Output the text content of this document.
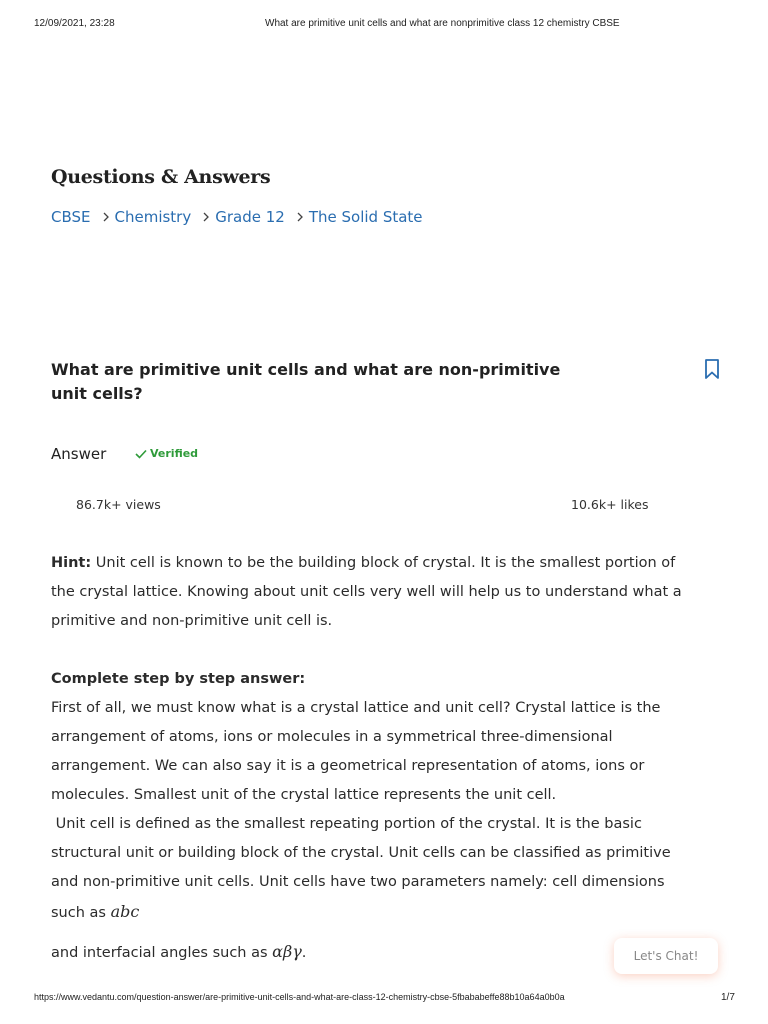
12/09/2021, 23:28	What are primitive unit cells and what are nonprimitive class 12 chemistry CBSE
Questions & Answers
CBSE Chemistry Grade 12 The Solid State
What are primitive unit cells and what are non-primitive unit cells?
Answer	Verified
86.7k+ views	10.6k+ likes
Hint: Unit cell is known to be the building block of crystal. It is the smallest portion of the crystal lattice. Knowing about unit cells very well will help us to understand what a primitive and non-primitive unit cell is.

Complete step by step answer:

First of all, we must know what is a crystal lattice and unit cell? Crystal lattice is the arrangement of atoms, ions or molecules in a symmetrical three-dimensional arrangement. We can also say it is a geometrical representation of atoms, ions or molecules. Smallest unit of the crystal lattice represents the unit cell.

Unit cell is defined as the smallest repeating portion of the crystal. It is the basic structural unit or building block of the crystal. Unit cells can be classified as primitive and non-primitive unit cells. Unit cells have two parameters namely: cell dimensions such as abc

and interfacial angles such as αβγ.	Let's Chat!
https://www.vedantu.com/question-answer/are-primitive-unit-cells-and-what-are-class-12-chemistry-cbse-5fbababeffe88b10a64a0b0a	1/7
